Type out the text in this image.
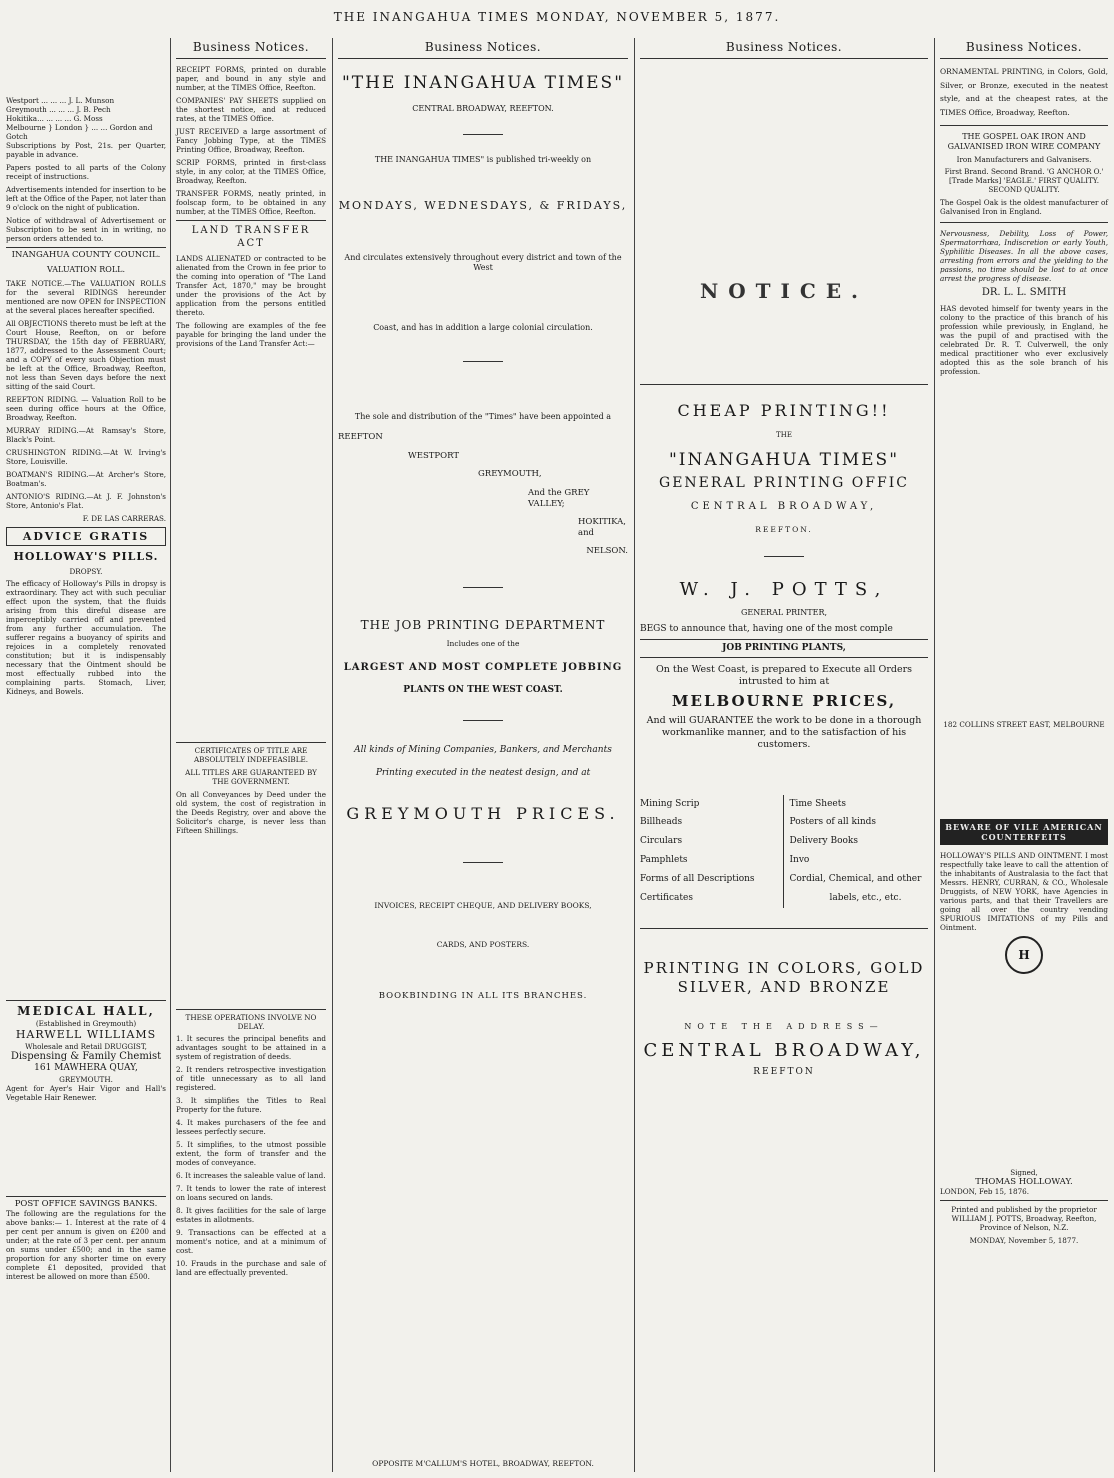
THE INANGAHUA TIMES MONDAY, NOVEMBER 5, 1877.
Westport ... ... ... J. L. Munson
Greymouth ... ... ... J. B. Pech
Hokitika... ... ... ... G. Moss
Melbourne } London } ... ... Gordon and Gotch

Subscriptions by Post, 21s. per Quarter, payable in advance.

Papers posted to all parts of the Colony receipt of instructions.

Advertisements intended for insertion to be left at the Office of the Paper, not later than 9 o'clock on the night of publication.

Notice of withdrawal of Advertisement or Subscription to be sent in in writing, no person orders attended to.

INANGAHUA COUNTY COUNCIL.
VALUATION ROLL.

TAKE NOTICE.—The VALUATION ROLLS for the several RIDINGS hereunder mentioned are now OPEN for INSPECTION at the several places hereafter specified.

All OBJECTIONS thereto must be left at the Court House, Reefton, on or before THURSDAY, the 15th day of FEBRUARY, 1877, addressed to the Assessment Court; and a COPY of every such Objection must be left at the Office, Broadway, Reefton, not less than Seven days before the next sitting of the said Court.

REEFTON RIDING. — Valuation Roll to be seen during office hours at the Office, Broadway, Reefton.

MURRAY RIDING.—At Ramsay's Store, Black's Point.

CRUSHINGTON RIDING.—At W. Irving's Store, Louisville.

BOATMAN'S RIDING.—At Archer's Store, Boatman's.

ANTONIO'S RIDING.—At J. F. Johnston's Store, Antonio's Flat.

F. DE LAS CARRERAS.
ADVICE GRATIS
HOLLOWAY'S PILLS.
DROPSY.

The efficacy of Holloway's Pills in dropsy is extraordinary. They act with such peculiar effect upon the system, that the fluids arising from this direful disease are imperceptibly carried off and prevented from any further accumulation. The sufferer regains a buoyancy of spirits and rejoices in a completely renovated constitution; but it is indispensably necessary that the Ointment should be most effectually rubbed into the complaining parts. Stomach, Liver, Kidneys, and Bowels.

MEDICAL HALL,
(Established in Greymouth)
HARWELL WILLIAMS
Wholesale and Retail DRUGGIST,
Dispensing & Family Chemist
161 MAWHERA QUAY,
GREYMOUTH.

Agent for Ayer's Hair Vigor and Hall's Vegetable Hair Renewer.

POST OFFICE SAVINGS BANKS.

The following are the regulations for the above banks:— 1. Interest at the rate of 4 per cent per annum is given on £200 and under; at the rate of 3 per cent. per annum on sums under £500; and in the same proportion for any shorter time on every complete £1 deposited, provided that interest be allowed on more than £500.

Business Notices.

RECEIPT FORMS, printed on durable paper, and bound in any style and number, at the TIMES Office, Reefton.

COMPANIES' PAY SHEETS supplied on the shortest notice, and at reduced rates, at the TIMES Office.

JUST RECEIVED a large assortment of Fancy Jobbing Type, at the TIMES Printing Office, Broadway, Reefton.

SCRIP FORMS, printed in first-class style, in any color, at the TIMES Office, Broadway, Reefton.

TRANSFER FORMS, neatly printed, in foolscap form, to be obtained in any number, at the TIMES Office, Reefton.

LAND TRANSFER ACT

LANDS ALIENATED or contracted to be alienated from the Crown in fee prior to the coming into operation of "The Land Transfer Act, 1870," may be brought under the provisions of the Act by application from the persons entitled thereto.

The following are examples of the fee payable for bringing the land under the provisions of the Land Transfer Act:—

CERTIFICATES OF TITLE ARE ABSOLUTELY INDEFEASIBLE.
ALL TITLES ARE GUARANTEED BY THE GOVERNMENT.

On all Conveyances by Deed under the old system, the cost of registration in the Deeds Registry, over and above the Solicitor's charge, is never less than Fifteen Shillings.

THESE OPERATIONS INVOLVE NO DELAY.

1. It secures the principal benefits and advantages sought to be attained in a system of registration of deeds.

2. It renders retrospective investigation of title unnecessary as to all land registered.

3. It simplifies the Titles to Real Property for the future.

4. It makes purchasers of the fee and lessees perfectly secure.

5. It simplifies, to the utmost possible extent, the form of transfer and the modes of conveyance.

6. It increases the saleable value of land.

7. It tends to lower the rate of interest on loans secured on lands.

8. It gives facilities for the sale of large estates in allotments.

9. Transactions can be effected at a moment's notice, and at a minimum of cost.

10. Frauds in the purchase and sale of land are effectually prevented.

Business Notices.
"THE INANGAHUA TIMES"
CENTRAL BROADWAY, REEFTON.
THE INANGAHUA TIMES" is published tri-weekly on
MONDAYS, WEDNESDAYS, & FRIDAYS,
And circulates extensively throughout every district and town of the West
Coast, and has in addition a large colonial circulation.
The sole and distribution of the "Times" have been appointed a
REEFTON
WESTPORT
GREYMOUTH,
And the GREY VALLEY;
HOKITIKA, and
NELSON.
THE JOB PRINTING DEPARTMENT
Includes one of the
LARGEST AND MOST COMPLETE JOBBING
PLANTS ON THE WEST COAST.
All kinds of Mining Companies, Bankers, and Merchants
Printing executed in the neatest design, and at
GREYMOUTH PRICES.
INVOICES, RECEIPT CHEQUE, AND DELIVERY BOOKS,
CARDS, AND POSTERS.
BOOKBINDING IN ALL ITS BRANCHES.
OPPOSITE M'CALLUM'S HOTEL, BROADWAY, REEFTON.
Business Notices.
NOTICE.
CHEAP PRINTING!!
THE
"INANGAHUA TIMES"
GENERAL PRINTING OFFIC
CENTRAL BROADWAY,
REEFTON.
W. J. POTTS,
GENERAL PRINTER,

BEGS to announce that, having one of the most comple

JOB PRINTING PLANTS,

On the West Coast, is prepared to Execute all Orders intrusted to him at

MELBOURNE PRICES,

And will GUARANTEE the work to be done in a thorough workmanlike manner, and to the satisfaction of his customers.

Mining Scrip
Billheads
Circulars
Pamphlets
Forms of all Descriptions
Certificates
Time Sheets
Posters of all kinds
Delivery Books
Invo
Cordial, Chemical, and other
labels, etc., etc.
PRINTING IN COLORS, GOLD SILVER, AND BRONZE
NOTE THE ADDRESS—
CENTRAL BROADWAY,
REEFTON
Business Notices.

ORNAMENTAL PRINTING, in Colors, Gold, Silver, or Bronze, executed in the neatest style, and at the cheapest rates, at the TIMES Office, Broadway, Reefton.

THE GOSPEL OAK IRON AND GALVANISED IRON WIRE COMPANY
Iron Manufacturers and Galvanisers.

First Brand. Second Brand. 'G ANCHOR O.' [Trade Marks] 'EAGLE.' FIRST QUALITY. SECOND QUALITY.

The Gospel Oak is the oldest manufacturer of Galvanised Iron in England.

Nervousness, Debility, Loss of Power, Spermatorrhœa, Indiscretion or early Youth, Syphilitic Diseases. In all the above cases, arresting from errors and the yielding to the passions, no time should be lost to at once arrest the progress of disease.

DR. L. L. SMITH

HAS devoted himself for twenty years in the colony to the practice of this branch of his profession while previously, in England, he was the pupil of and practised with the celebrated Dr. R. T. Culverwell, the only medical practitioner who ever exclusively adopted this as the sole branch of his profession.

182 COLLINS STREET EAST, MELBOURNE
BEWARE OF VILE AMERICAN COUNTERFEITS

HOLLOWAY'S PILLS AND OINTMENT. I most respectfully take leave to call the attention of the inhabitants of Australasia to the fact that Messrs. HENRY, CURRAN, & CO., Wholesale Druggists, of NEW YORK, have Agencies in various parts, and that their Travellers are going all over the country vending SPURIOUS IMITATIONS of my Pills and Ointment.

H
Signed,
THOMAS HOLLOWAY.
LONDON, Feb 15, 1876.

Printed and published by the proprietor WILLIAM J. POTTS, Broadway, Reefton, Province of Nelson, N.Z.

MONDAY, November 5, 1877.
